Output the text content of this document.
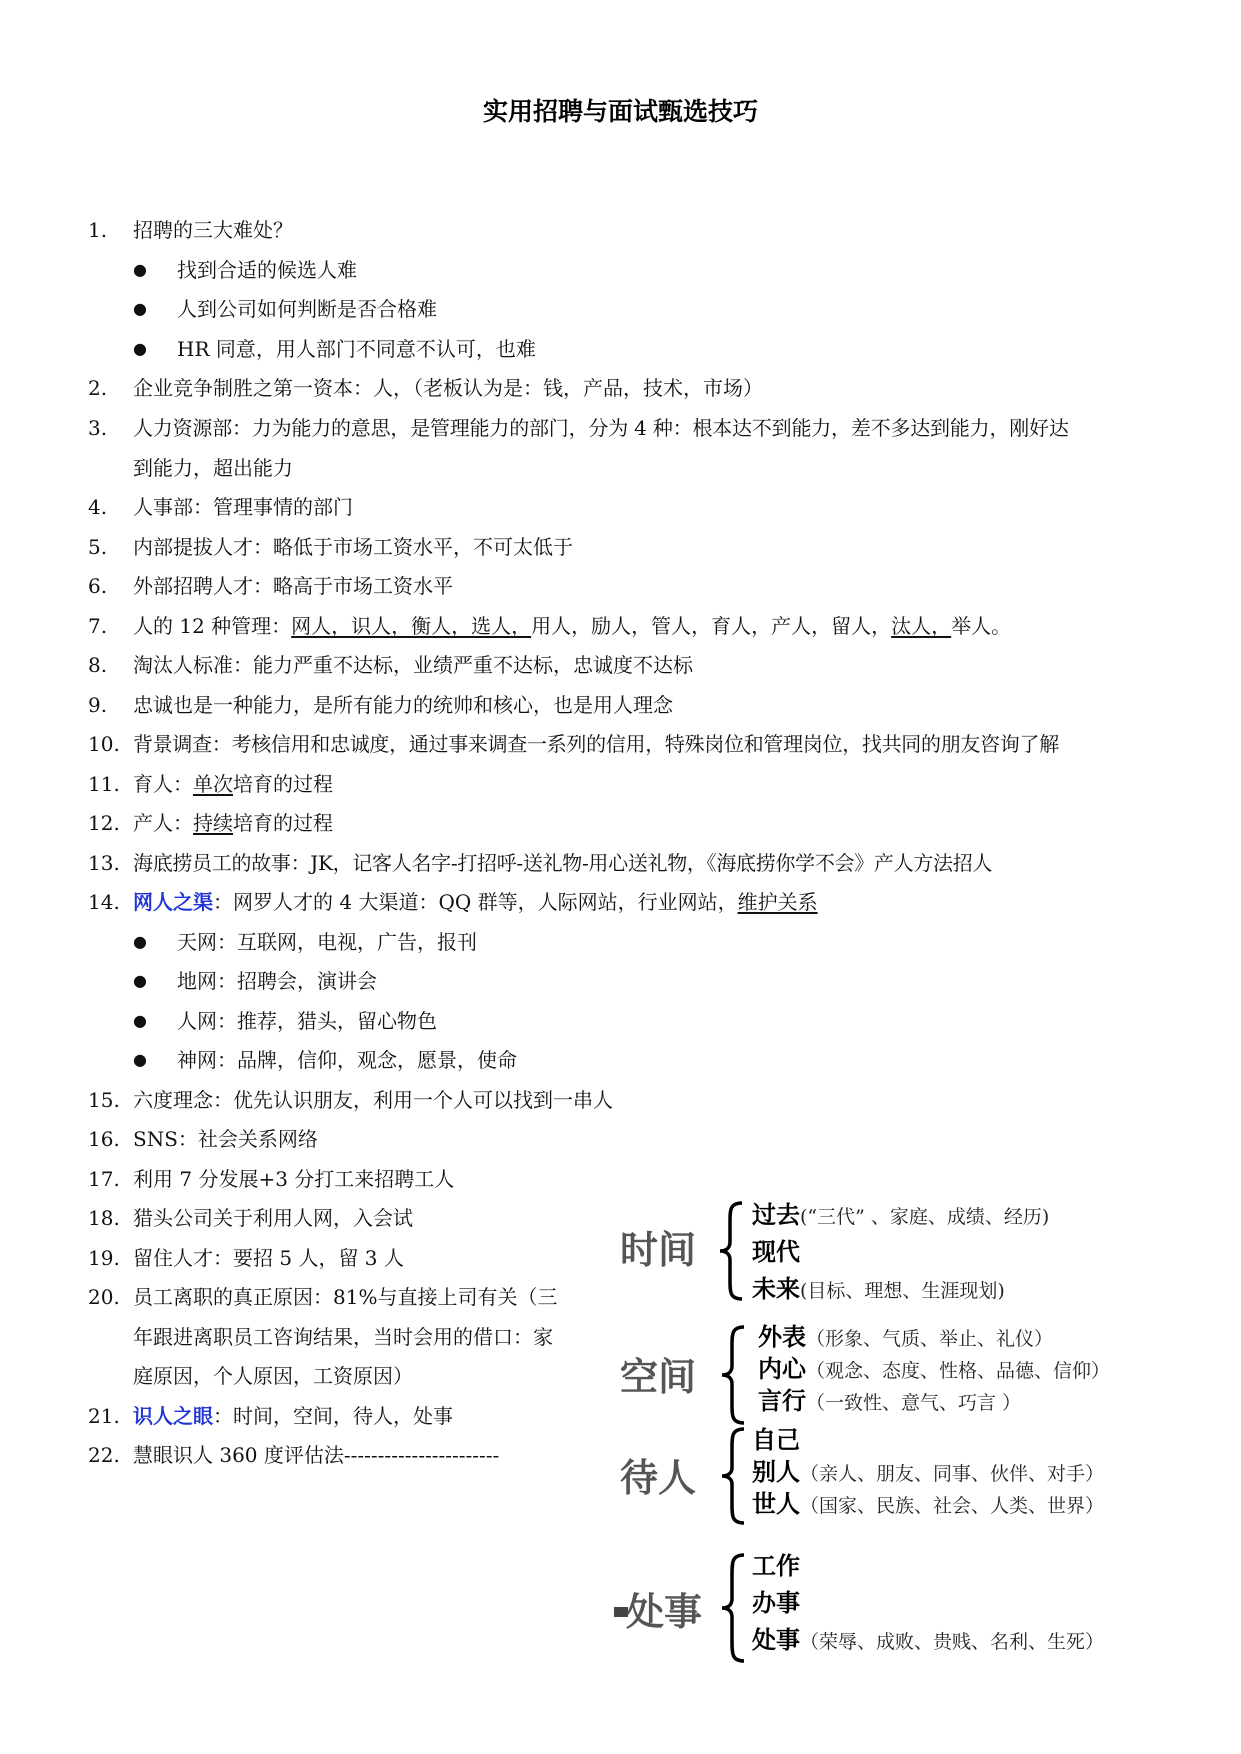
实用招聘与面试甄选技巧
1. 招聘的三大难处？
● 找到合适的候选人难
● 人到公司如何判断是否合格难
● HR 同意，用人部门不同意不认可，也难
2. 企业竞争制胜之第一资本：人，（老板认为是：钱，产品，技术，市场）
3. 人力资源部：力为能力的意思，是管理能力的部门，分为 4 种：根本达不到能力，差不多达到能力，刚好达
到能力，超出能力
4. 人事部：管理事情的部门
5. 内部提拔人才：略低于市场工资水平，不可太低于
6. 外部招聘人才：略高于市场工资水平
7. 人的 12 种管理：网人，识人，衡人，选人，用人，励人，管人，育人，产人，留人，汰人，举人。
8. 淘汰人标准：能力严重不达标，业绩严重不达标，忠诚度不达标
9. 忠诚也是一种能力，是所有能力的统帅和核心，也是用人理念
10. 背景调查：考核信用和忠诚度，通过事来调查一系列的信用，特殊岗位和管理岗位，找共同的朋友咨询了解
11. 育人：单次培育的过程
12. 产人：持续培育的过程
13. 海底捞员工的故事：JK，记客人名字-打招呼-送礼物-用心送礼物，《海底捞你学不会》产人方法招人
14. 网人之渠：网罗人才的 4 大渠道：QQ 群等，人际网站，行业网站，维护关系
● 天网：互联网，电视，广告，报刊
● 地网：招聘会，演讲会
● 人网：推荐，猎头，留心物色
● 神网：品牌，信仰，观念，愿景，使命
15. 六度理念：优先认识朋友，利用一个人可以找到一串人
16. SNS：社会关系网络
17. 利用 7 分发展+3 分打工来招聘工人
18. 猎头公司关于利用人网，入会试
19. 留住人才：要招 5 人，留 3 人
20. 员工离职的真正原因：81%与直接上司有关（三
年跟进离职员工咨询结果，当时会用的借口：家
庭原因，个人原因，工资原因）
21. 识人之眼：时间，空间，待人，处事
22. 慧眼识人 360 度评估法-----------------------
时间
过去(“三代” 、家庭、成绩、经历)
现代
未来(目标、理想、生涯现划)
空间
外表（形象、气质、举止、礼仪）
内心（观念、态度、性格、品德、信仰）
言行（一致性、意气、巧言 ）
待人
自己
别人（亲人、朋友、同事、伙伴、对手）
世人（国家、民族、社会、人类、世界）
处事
工作
办事
处事（荣辱、成败、贵贱、名利、生死）
